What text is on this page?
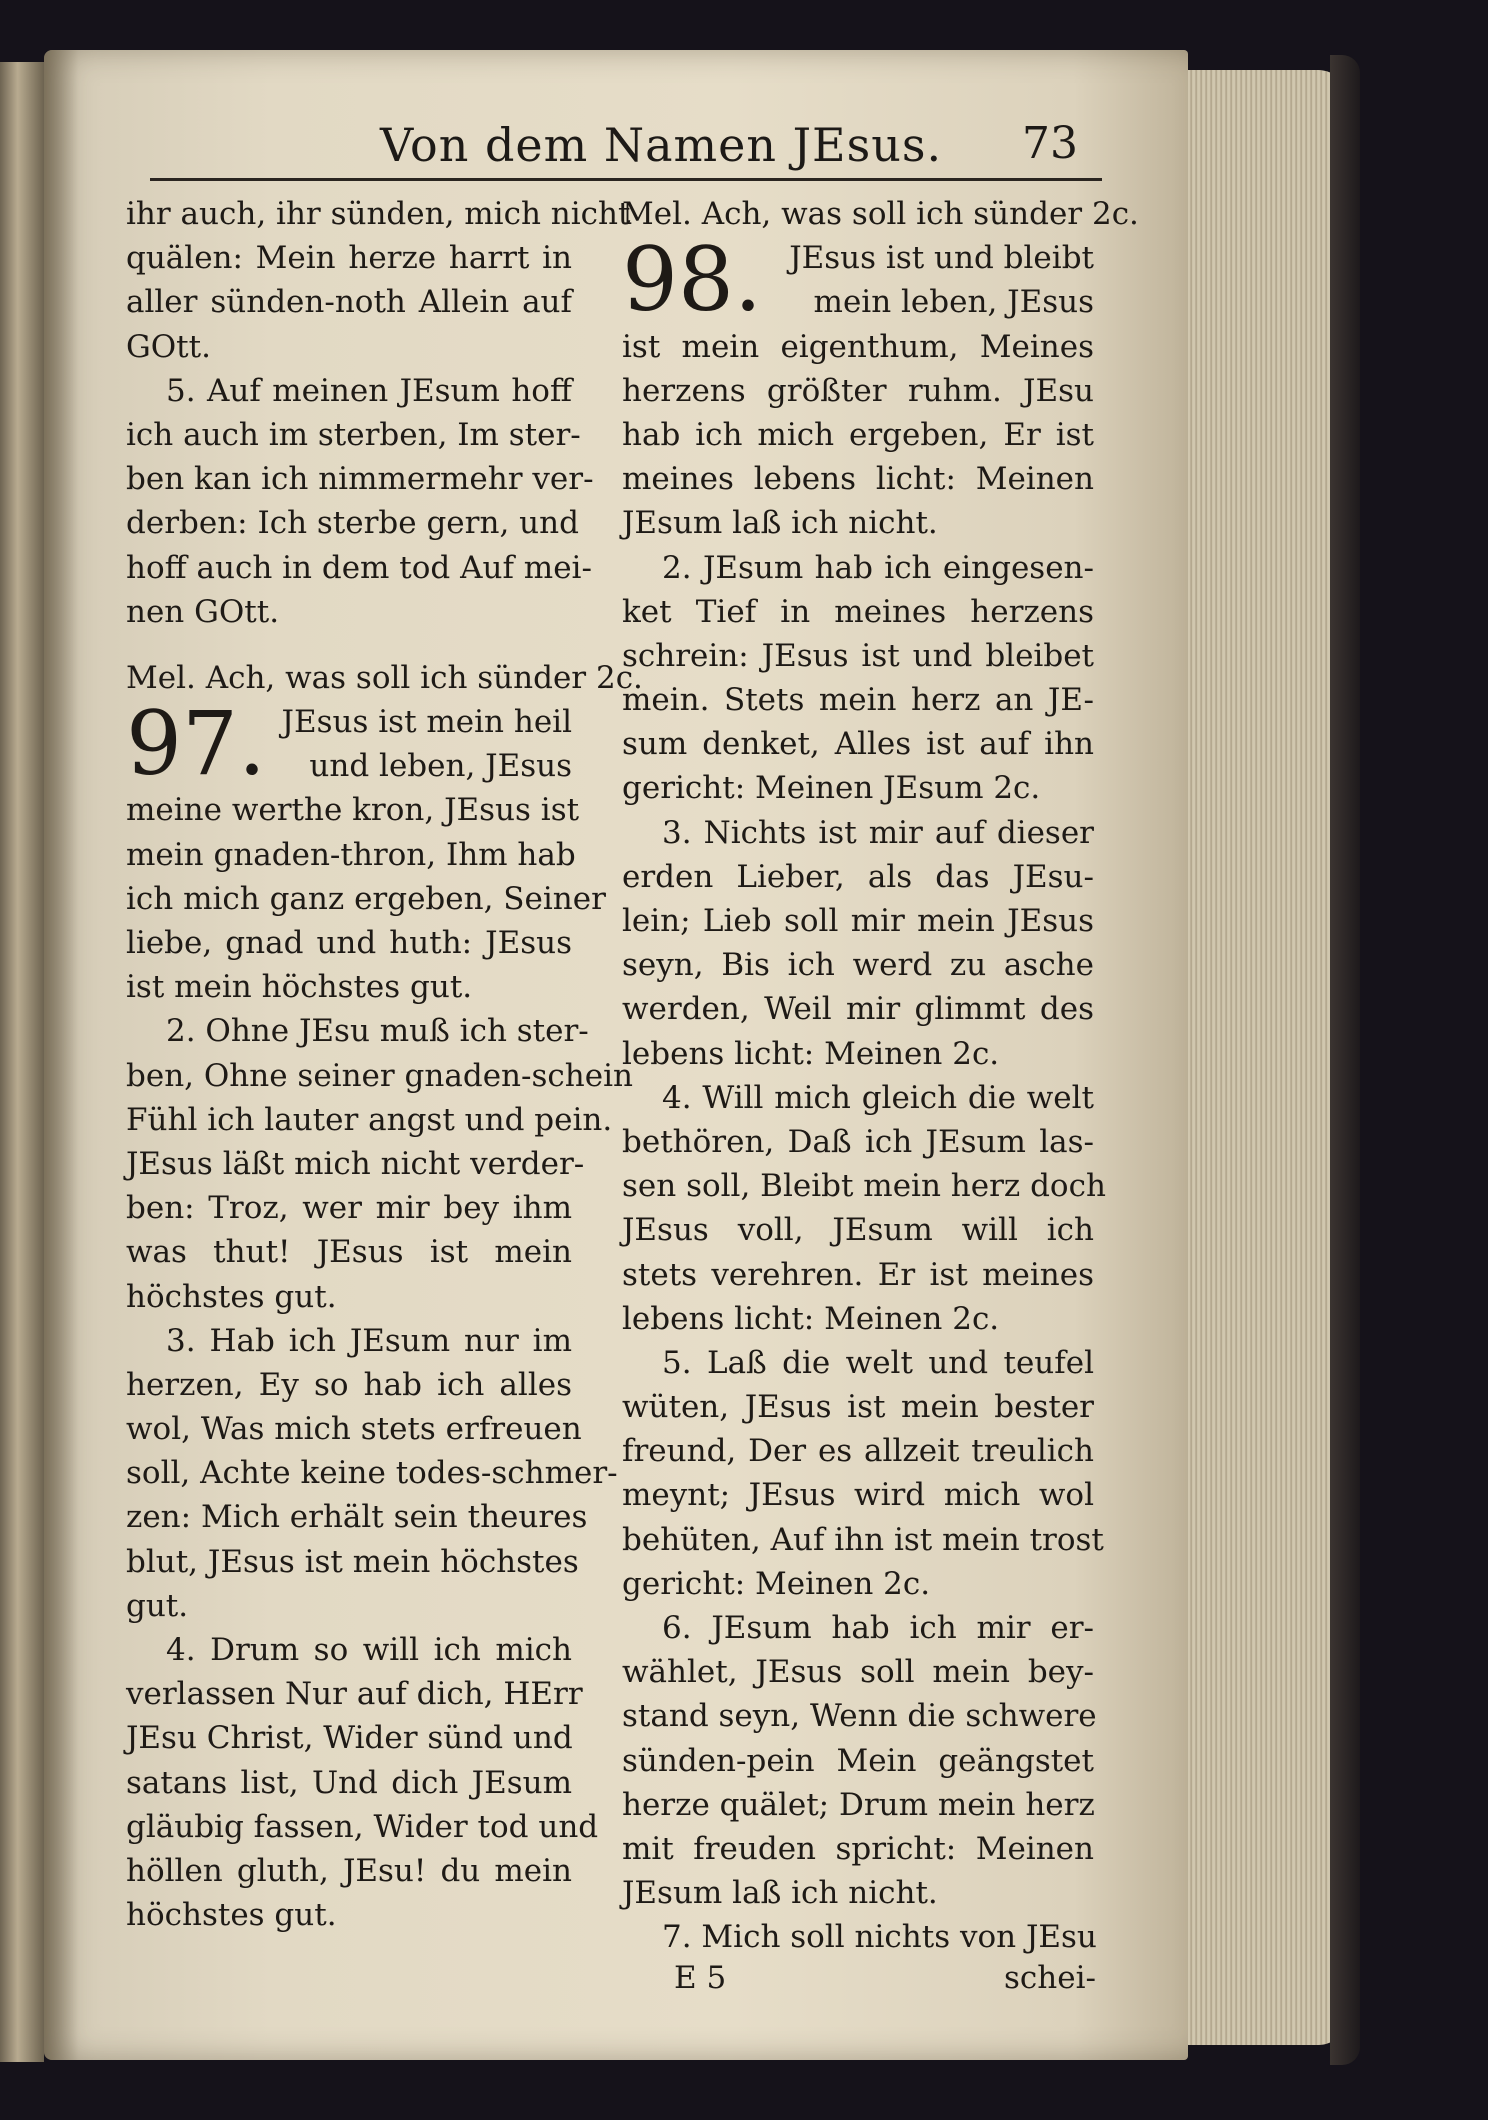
Von dem Namen JEsus. 73
ihr auch, ihr sünden, mich nicht
quälen: Mein herze harrt in
aller sünden-noth Allein auf
GOtt.
5. Auf meinen JEsum hoff
ich auch im sterben, Im ster-
ben kan ich nimmermehr ver-
derben: Ich sterbe gern, und
hoff auch in dem tod Auf mei-
nen GOtt.
Mel. Ach, was soll ich sünder 2c.
97. JEsus ist mein heil
und leben, JEsus
meine werthe kron, JEsus ist
mein gnaden-thron, Ihm hab
ich mich ganz ergeben, Seiner
liebe, gnad und huth: JEsus
ist mein höchstes gut.
2. Ohne JEsu muß ich ster-
ben, Ohne seiner gnaden-schein
Fühl ich lauter angst und pein.
JEsus läßt mich nicht verder-
ben: Troz, wer mir bey ihm
was thut! JEsus ist mein
höchstes gut.
3. Hab ich JEsum nur im
herzen, Ey so hab ich alles
wol, Was mich stets erfreuen
soll, Achte keine todes-schmer-
zen: Mich erhält sein theures
blut, JEsus ist mein höchstes
gut.
4. Drum so will ich mich
verlassen Nur auf dich, HErr
JEsu Christ, Wider sünd und
satans list, Und dich JEsum
gläubig fassen, Wider tod und
höllen gluth, JEsu! du mein
höchstes gut.
Mel. Ach, was soll ich sünder 2c.
98. JEsus ist und bleibt
mein leben, JEsus
ist mein eigenthum, Meines
herzens größter ruhm. JEsu
hab ich mich ergeben, Er ist
meines lebens licht: Meinen
JEsum laß ich nicht.
2. JEsum hab ich eingesen-
ket Tief in meines herzens
schrein: JEsus ist und bleibet
mein. Stets mein herz an JE-
sum denket, Alles ist auf ihn
gericht: Meinen JEsum 2c.
3. Nichts ist mir auf dieser
erden Lieber, als das JEsu-
lein; Lieb soll mir mein JEsus
seyn, Bis ich werd zu asche
werden, Weil mir glimmt des
lebens licht: Meinen 2c.
4. Will mich gleich die welt
bethören, Daß ich JEsum las-
sen soll, Bleibt mein herz doch
JEsus voll, JEsum will ich
stets verehren. Er ist meines
lebens licht: Meinen 2c.
5. Laß die welt und teufel
wüten, JEsus ist mein bester
freund, Der es allzeit treulich
meynt; JEsus wird mich wol
behüten, Auf ihn ist mein trost
gericht: Meinen 2c.
6. JEsum hab ich mir er-
wählet, JEsus soll mein bey-
stand seyn, Wenn die schwere
sünden-pein Mein geängstet
herze quälet; Drum mein herz
mit freuden spricht: Meinen
JEsum laß ich nicht.
7. Mich soll nichts von JEsu
E 5	schei-
